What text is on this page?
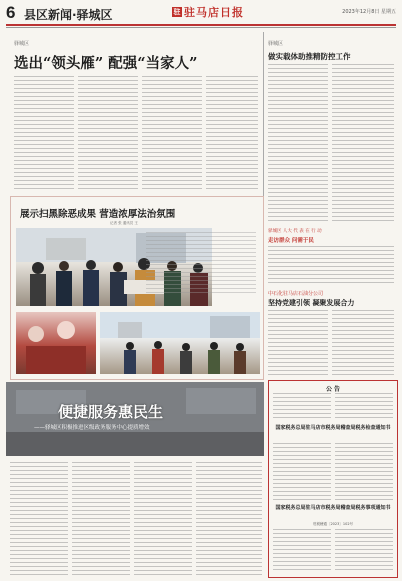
6 县区新闻·驿城区	驻 驻马店日报	2023年12月8日 星期五
驿城区
选出“领头雁” 配强“当家人”
驿城区
做实载体助推精防控工作
驿城区 人大 代 表 在 行 动
走访群众 问需于民
中石化驻马店石油分公司
坚持党建引领 凝聚发展合力
展示扫黑除恶成果 营造浓厚法治氛围
记者 张 通讯员 王
便捷服务惠民生
——驿城区积极推进区级政务服务中心提质增效
公 告
国家税务总局驻马店市税务局稽查局税务检查通知书
国家税务总局驻马店市税务局稽查局税务事项通知书
驻税稽通〔2023〕102号
